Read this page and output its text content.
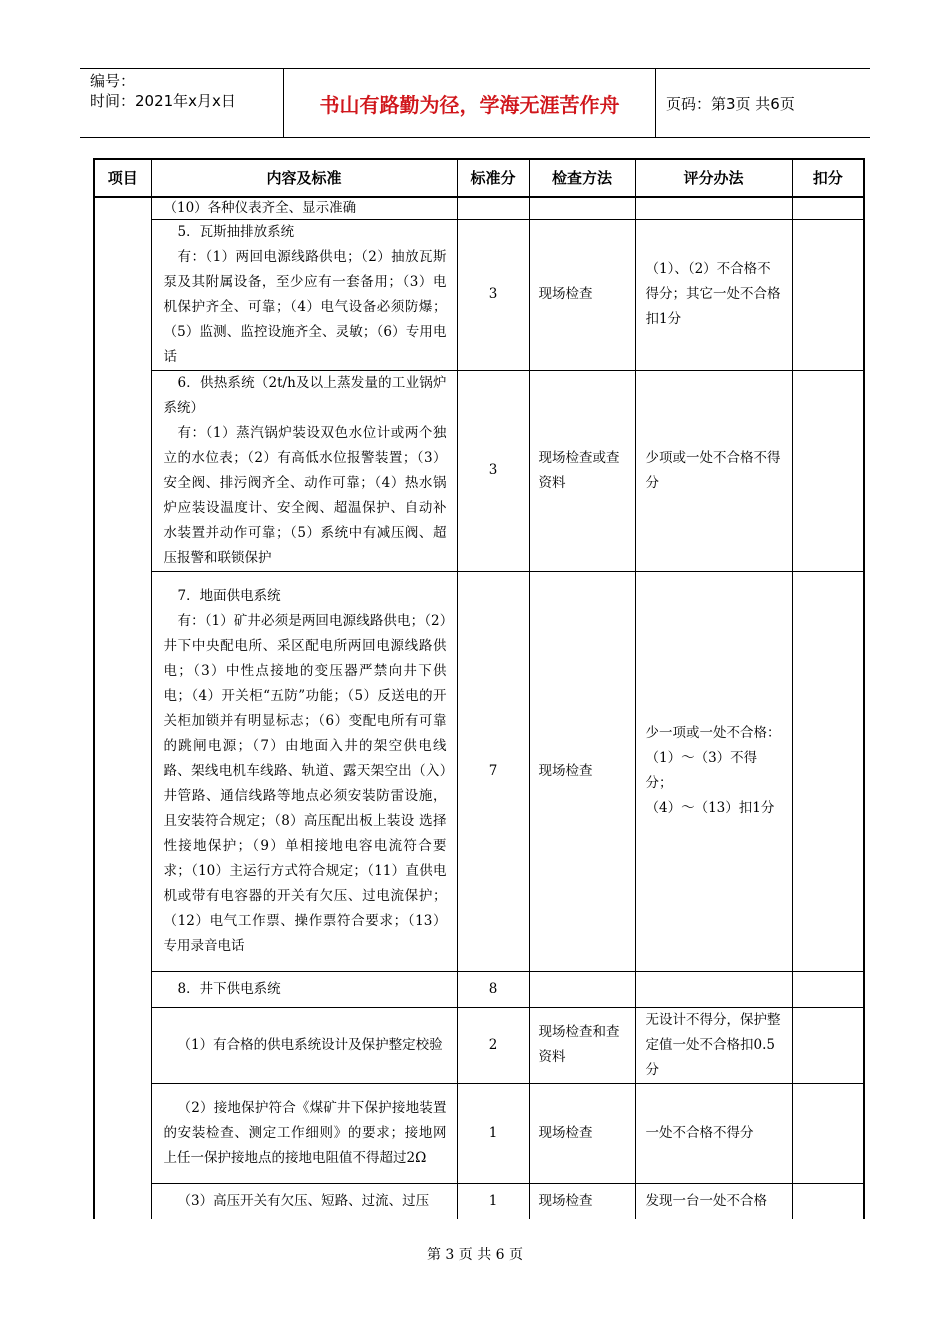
编号：
时间：2021年x月x日	书山有路勤为径，学海无涯苦作舟	页码：第3页 共6页
项目	内容及标准	标准分	检查方法	评分办法	扣分

	（10）各种仪表齐全、显示准确				

	5．瓦斯抽排放系统
有：（1）两回电源线路供电；（2）抽放瓦斯泵及其附属设备，至少应有一套备用；（3）电机保护齐全、可靠；（4）电气设备必须防爆；（5）监测、监控设施齐全、灵敏；（6）专用电话	3	现场检查	（1）、（2）不合格不得分；其它一处不合格扣1分	

	6．供热系统（2t/h及以上蒸发量的工业锅炉系统）
有：（1）蒸汽锅炉装设双色水位计或两个独立的水位表；（2）有高低水位报警装置；（3）安全阀、排污阀齐全、动作可靠；（4）热水锅炉应装设温度计、安全阀、超温保护、自动补水装置并动作可靠；（5）系统中有减压阀、超压报警和联锁保护	3	现场检查或查资料	少项或一处不合格不得分	

	7．地面供电系统
有：（1）矿井必须是两回电源线路供电；（2）井下中央配电所、采区配电所两回电源线路供电；（3）中性点接地的变压器严禁向井下供电；（4）开关柜“五防”功能；（5）反送电的开关柜加锁并有明显标志；（6）变配电所有可靠的跳闸电源；（7）由地面入井的架空供电线路、架线电机车线路、轨道、露天架空出（入）井管路、通信线路等地点必须安装防雷设施，且安装符合规定；（8）高压配出板上装设 选择性接地保护；（9）单相接地电容电流符合要求；（10）主运行方式符合规定；（11）直供电机或带有电容器的开关有欠压、过电流保护；（12）电气工作票、操作票符合要求；（13）专用录音电话	7	现场检查	少一项或一处不合格：（1）～（3）不得分；
（4）～（13）扣1分	

	8．井下供电系统	8		

	（1）有合格的供电系统设计及保护整定校验	2	现场检查和查资料	无设计不得分，保护整定值一处不合格扣0.5分	

	（2）接地保护符合《煤矿井下保护接地装置的安装检查、测定工作细则》的要求；接地网上任一保护接地点的接地电阻值不得超过2Ω	1	现场检查	一处不合格不得分	

	（3）高压开关有欠压、短路、过流、过压	1	现场检查	发现一台一处不合格	

第 3 页 共 6 页
